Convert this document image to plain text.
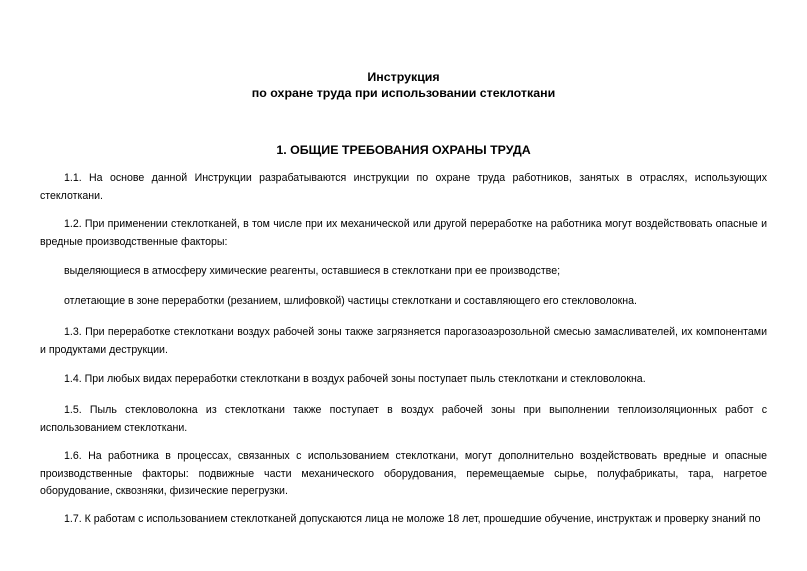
Инструкция

по охране труда при использовании стеклоткани

1. ОБЩИЕ ТРЕБОВАНИЯ ОХРАНЫ ТРУДА

1.1. На основе данной Инструкции разрабатываются инструкции по охране труда работников, занятых в отраслях, использующих стеклоткани.

1.2. При применении стеклотканей, в том числе при их механической или другой переработке на работника могут воздействовать опасные и вредные производственные факторы:

выделяющиеся в атмосферу химические реагенты, оставшиеся в стеклоткани при ее производстве;

отлетающие в зоне переработки (резанием, шлифовкой) частицы стеклоткани и составляющего его стекловолокна.

1.3. При переработке стеклоткани воздух рабочей зоны также загрязняется парогазоаэрозольной смесью замасливателей, их компонентами и продуктами деструкции.

1.4. При любых видах переработки стеклоткани в воздух рабочей зоны поступает пыль стеклоткани и стекловолокна.

1.5. Пыль стекловолокна из стеклоткани также поступает в воздух рабочей зоны при выполнении теплоизоляционных работ с использованием стеклоткани.

1.6. На работника в процессах, связанных с использованием стеклоткани, могут дополнительно воздействовать вредные и опасные производственные факторы: подвижные части механического оборудования, перемещаемые сырье, полуфабрикаты, тара, нагретое оборудование, сквозняки, физические перегрузки.

1.7. К работам с использованием стеклотканей допускаются лица не моложе 18 лет, прошедшие обучение, инструктаж и проверку знаний по
